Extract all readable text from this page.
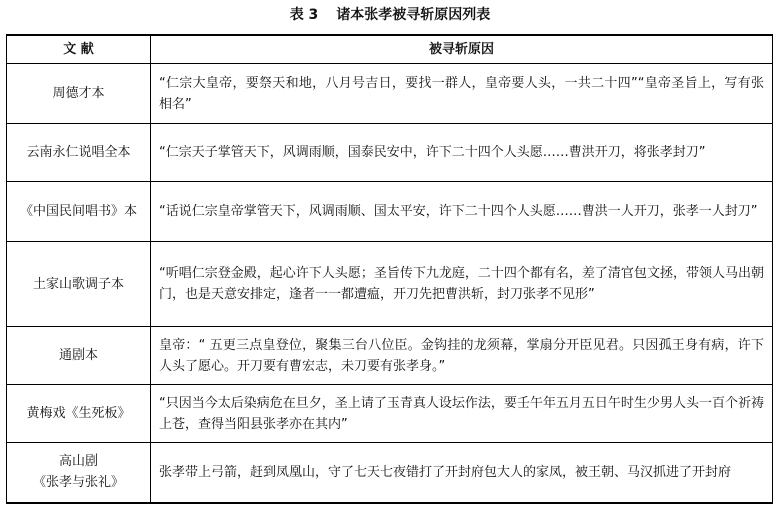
表 3 诸本张孝被寻斩原因列表
文 献	被寻斩原因

周德才本	“仁宗大皇帝，要祭天和地，八月号吉日，要找一群人，皇帝要人头，一共二十四”“皇帝圣旨上，写有张相名”

云南永仁说唱全本	“仁宗天子掌管天下，风调雨顺，国泰民安中，许下二十四个人头愿……曹洪开刀，将张孝封刀”

《中国民间唱书》本	“话说仁宗皇帝掌管天下，风调雨顺、国太平安，许下二十四个人头愿……曹洪一人开刀，张孝一人封刀”

土家山歌调子本	“听唱仁宗登金殿，起心许下人头愿；圣旨传下九龙庭，二十四个都有名，差了清官包文拯，带领人马出朝门，也是天意安排定，逢者一一都遭瘟，开刀先把曹洪斩，封刀张孝不见形”

通剧本	皇帝：“ 五更三点皇登位，聚集三台八位臣。金钩挂的龙须幕，掌扇分开臣见君。只因孤王身有病，许下人头了愿心。开刀要有曹宏志，未刀要有张孝身。”

黄梅戏《生死板》	“只因当今太后染病危在旦夕，圣上请了玉青真人设坛作法，要壬午年五月五日午时生少男人头一百个祈祷上苍，查得当阳县张孝亦在其内”

高山剧
《张孝与张礼》	张孝带上弓箭，赶到凤凰山，守了七天七夜错打了开封府包大人的家凤，被王朝、马汉抓进了开封府
